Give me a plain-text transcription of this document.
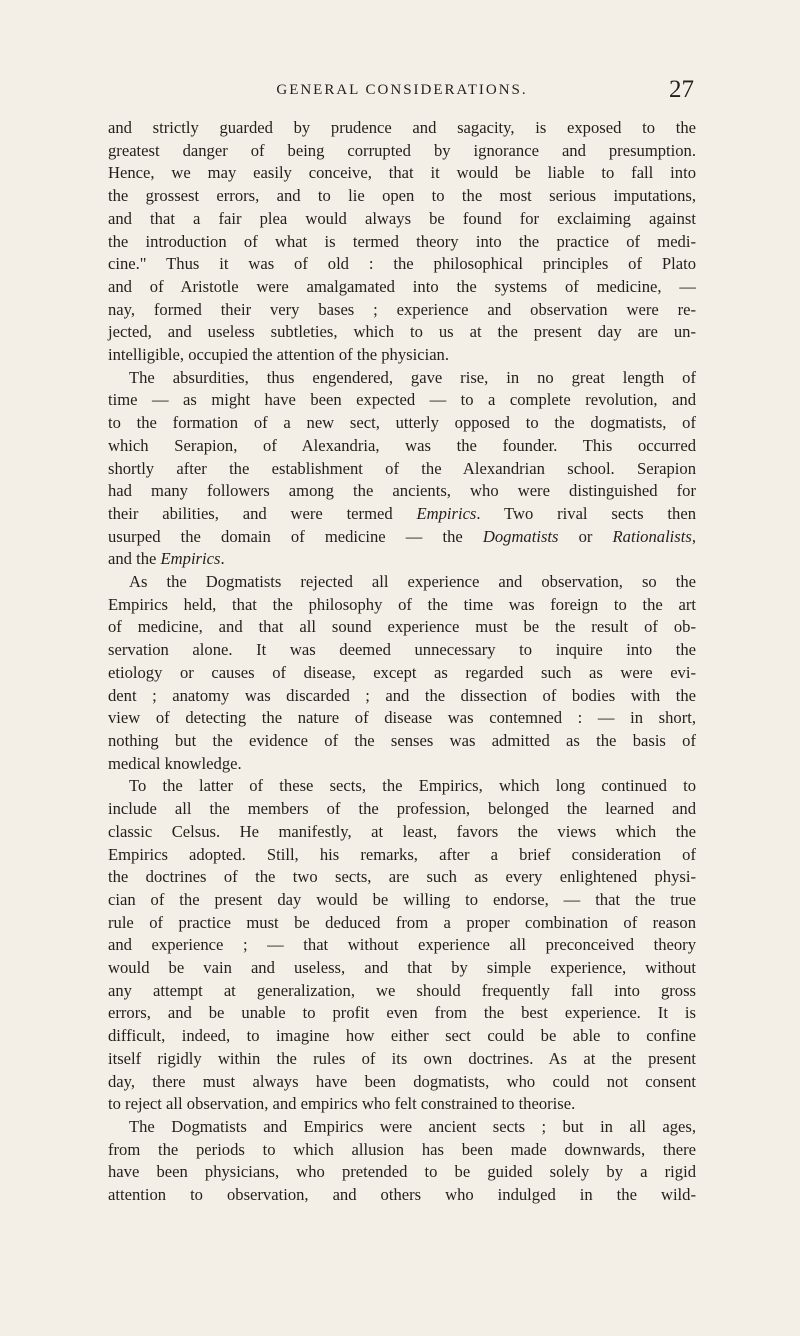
GENERAL CONSIDERATIONS.	27
and strictly guarded by prudence and sagacity, is exposed to the
greatest danger of being corrupted by ignorance and presumption.
Hence, we may easily conceive, that it would be liable to fall into
the grossest errors, and to lie open to the most serious imputations,
and that a fair plea would always be found for exclaiming against
the introduction of what is termed theory into the practice of medi-
cine." Thus it was of old : the philosophical principles of Plato
and of Aristotle were amalgamated into the systems of medicine, —
nay, formed their very bases ; experience and observation were re-
jected, and useless subtleties, which to us at the present day are un-
intelligible, occupied the attention of the physician.
The absurdities, thus engendered, gave rise, in no great length of
time — as might have been expected — to a complete revolution, and
to the formation of a new sect, utterly opposed to the dogmatists, of
which Serapion, of Alexandria, was the founder. This occurred
shortly after the establishment of the Alexandrian school. Serapion
had many followers among the ancients, who were distinguished for
their abilities, and were termed Empirics. Two rival sects then
usurped the domain of medicine — the Dogmatists or Rationalists,
and the Empirics.
As the Dogmatists rejected all experience and observation, so the
Empirics held, that the philosophy of the time was foreign to the art
of medicine, and that all sound experience must be the result of ob-
servation alone. It was deemed unnecessary to inquire into the
etiology or causes of disease, except as regarded such as were evi-
dent ; anatomy was discarded ; and the dissection of bodies with the
view of detecting the nature of disease was contemned : — in short,
nothing but the evidence of the senses was admitted as the basis of
medical knowledge.
To the latter of these sects, the Empirics, which long continued to
include all the members of the profession, belonged the learned and
classic Celsus. He manifestly, at least, favors the views which the
Empirics adopted. Still, his remarks, after a brief consideration of
the doctrines of the two sects, are such as every enlightened physi-
cian of the present day would be willing to endorse, — that the true
rule of practice must be deduced from a proper combination of reason
and experience ; — that without experience all preconceived theory
would be vain and useless, and that by simple experience, without
any attempt at generalization, we should frequently fall into gross
errors, and be unable to profit even from the best experience. It is
difficult, indeed, to imagine how either sect could be able to confine
itself rigidly within the rules of its own doctrines. As at the present
day, there must always have been dogmatists, who could not consent
to reject all observation, and empirics who felt constrained to theorise.
The Dogmatists and Empirics were ancient sects ; but in all ages,
from the periods to which allusion has been made downwards, there
have been physicians, who pretended to be guided solely by a rigid
attention to observation, and others who indulged in the wild-
